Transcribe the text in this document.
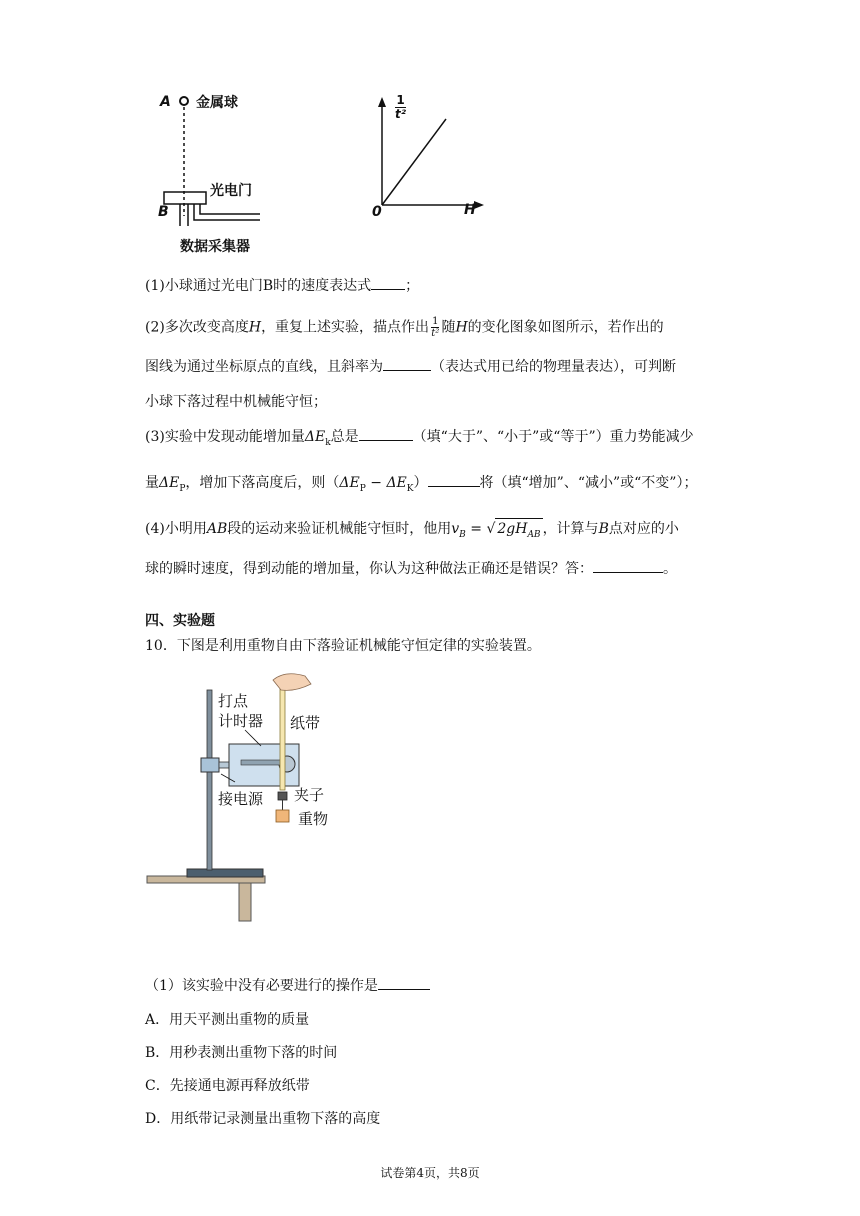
A 金属球
光电门
B
数据采集器
$\frac{1}{\text{t²}}$
0	H
(1)小球通过光电门B时的速度表达式 ；
(2)多次改变高度H，重复上述实验，描点作出 $\frac{1}{\text{t²}}$ 随H的变化图象如图所示，若作出的
图线为通过坐标原点的直线，且斜率为	（表达式用已给的物理量表达），可判断
小球下落过程中机械能守恒；
(3)实验中发现动能增加量$\Delta E_k$总是	（填“大于”、“小于”或“等于”）重力势能减少
量$\Delta E_P$，增加下落高度后，则$(\Delta E_P - \Delta E_K)$	将（填“增加”、“减小”或“不变”）；
(4)小明用AB段的运动来验证机械能守恒时，他用$v_B$ = √ $2gH_{AB}$ ，计算与B点对应的小
球的瞬时速度，得到动能的增加量，你认为这种做法正确还是错误？答：	。
四、实验题
10．下图是利用重物自由下落验证机械能守恒定律的实验装置。
打点
计时器 纸带
接电源 夹子
重物
（1）该实验中没有必要进行的操作是
A．用天平测出重物的质量
B．用秒表测出重物下落的时间
C．先接通电源再释放纸带
D．用纸带记录测量出重物下落的高度
试卷第4页，共8页
